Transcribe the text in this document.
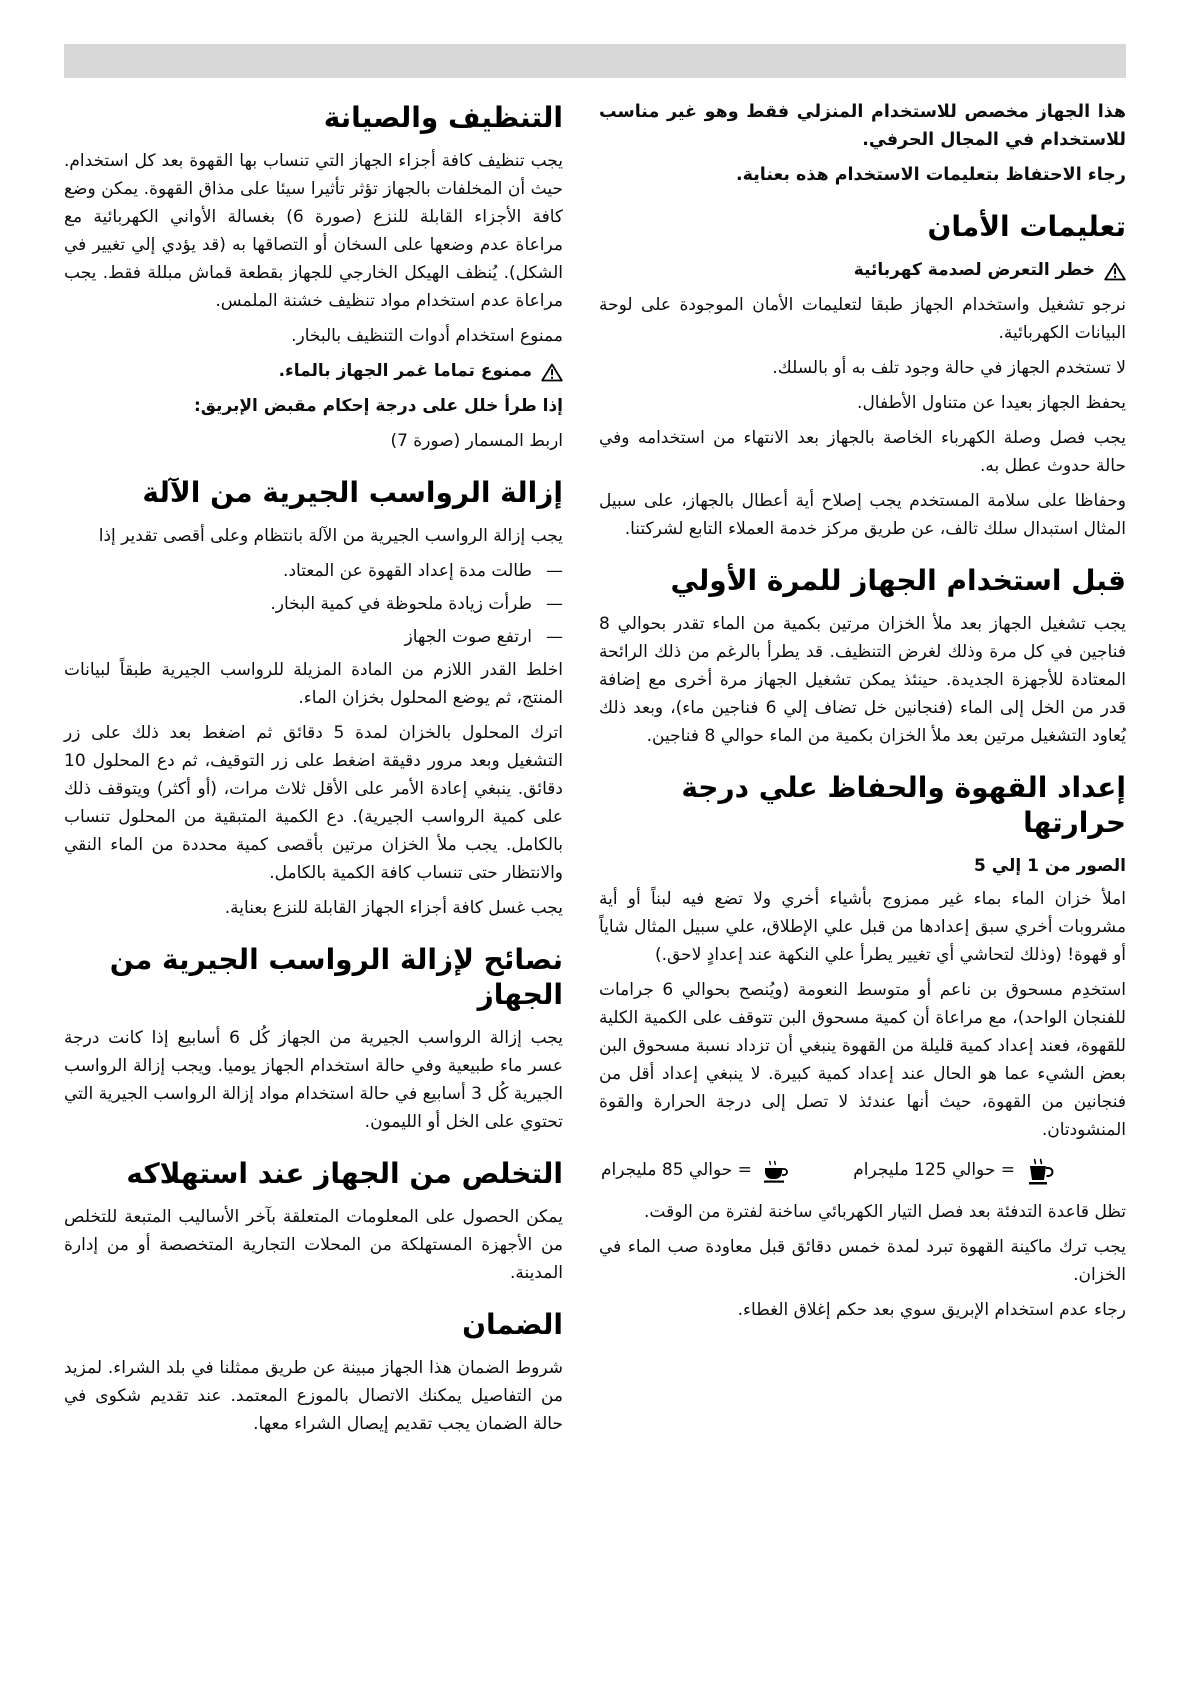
هذا الجهاز مخصص للاستخدام المنزلي فقط وهو غير مناسب للاستخدام في المجال الحرفي.

رجاء الاحتفاظ بتعليمات الاستخدام هذه بعناية.

تعليمات الأمان

خطر التعرض لصدمة كهربائية

نرجو تشغيل واستخدام الجهاز طبقا لتعليمات الأمان الموجودة على لوحة البيانات الكهربائية.

لا تستخدم الجهاز في حالة وجود تلف به أو بالسلك.

يحفظ الجهاز بعيدا عن متناول الأطفال.

يجب فصل وصلة الكهرباء الخاصة بالجهاز بعد الانتهاء من استخدامه وفي حالة حدوث عطل به.

وحفاظا على سلامة المستخدم يجب إصلاح أية أعطال بالجهاز، على سبيل المثال استبدال سلك تالف، عن طريق مركز خدمة العملاء التابع لشركتنا.

قبل استخدام الجهاز للمرة الأولي

يجب تشغيل الجهاز بعد ملأ الخزان مرتين بكمية من الماء تقدر بحوالي 8 فناجين في كل مرة وذلك لغرض التنظيف. قد يطرأ بالرغم من ذلك الرائحة المعتادة للأجهزة الجديدة. حينئذ يمكن تشغيل الجهاز مرة أخرى مع إضافة قدر من الخل إلى الماء (فنجانين خل تضاف إلي 6 فناجين ماء)، وبعد ذلك يُعاود التشغيل مرتين بعد ملأ الخزان بكمية من الماء حوالي 8 فناجين.

إعداد القهوة والحفاظ علي درجة حرارتها

الصور من 1 إلي 5

املأ خزان الماء بماء غير ممزوج بأشياء أخري ولا تضع فيه لبناً أو أية مشروبات أخري سبق إعدادها من قبل علي الإطلاق، علي سبيل المثال شاياً أو قهوة! (وذلك لتحاشي أي تغيير يطرأ علي النكهة عند إعدادٍ لاحق.)

استخدِم مسحوق بن ناعم أو متوسط النعومة (ويُنصح بحوالي 6 جرامات للفنجان الواحد)، مع مراعاة أن كمية مسحوق البن تتوقف على الكمية الكلية للقهوة، فعند إعداد كمية قليلة من القهوة ينبغي أن تزداد نسبة مسحوق البن بعض الشيء عما هو الحال عند إعداد كمية كبيرة. لا ينبغي إعداد أقل من فنجانين من القهوة، حيث أنها عندئذ لا تصل إلى درجة الحرارة والقوة المنشودتان.

= حوالي 125 مليجرام
= حوالي 85 مليجرام

تظل قاعدة التدفئة بعد فصل التيار الكهربائي ساخنة لفترة من الوقت.

يجب ترك ماكينة القهوة تبرد لمدة خمس دقائق قبل معاودة صب الماء في الخزان.

رجاء عدم استخدام الإبريق سوي بعد حكم إغلاق الغطاء.

التنظيف والصيانة

يجب تنظيف كافة أجزاء الجهاز التي تنساب بها القهوة بعد كل استخدام. حيث أن المخلفات بالجهاز تؤثر تأثيرا سيئا على مذاق القهوة. يمكن وضع كافة الأجزاء القابلة للنزع (صورة 6) بغسالة الأواني الكهربائية مع مراعاة عدم وضعها على السخان أو التصاقها به (قد يؤدي إلي تغيير في الشكل). يُنظف الهيكل الخارجي للجهاز بقطعة قماش مبللة فقط. يجب مراعاة عدم استخدام مواد تنظيف خشنة الملمس.

ممنوع استخدام أدوات التنظيف بالبخار.

ممنوع تماما غمر الجهاز بالماء.

إذا طرأ خلل على درجة إحكام مقبض الإبريق:

اربط المسمار (صورة 7)

إزالة الرواسب الجيرية من الآلة

يجب إزالة الرواسب الجيرية من الآلة بانتظام وعلى أقصى تقدير إذا

—
طالت مدة إعداد القهوة عن المعتاد.

—
طرأت زيادة ملحوظة في كمية البخار.

—
ارتفع صوت الجهاز

اخلط القدر اللازم من المادة المزيلة للرواسب الجيرية طبقاً لبيانات المنتج، ثم يوضع المحلول بخزان الماء.

اترك المحلول بالخزان لمدة 5 دقائق ثم اضغط بعد ذلك على زر التشغيل وبعد مرور دقيقة اضغط على زر التوقيف، ثم دع المحلول 10 دقائق. ينبغي إعادة الأمر على الأقل ثلاث مرات، (أو أكثر) ويتوقف ذلك على كمية الرواسب الجيرية). دع الكمية المتبقية من المحلول تنساب بالكامل. يجب ملأ الخزان مرتين بأقصى كمية محددة من الماء النقي والانتظار حتى تنساب كافة الكمية بالكامل.

يجب غسل كافة أجزاء الجهاز القابلة للنزع بعناية.

نصائح لإزالة الرواسب الجيرية من الجهاز

يجب إزالة الرواسب الجيرية من الجهاز كُل 6 أسابيع إذا كانت درجة عسر ماء طبيعية وفي حالة استخدام الجهاز يوميا. ويجب إزالة الرواسب الجيرية كُل 3 أسابيع في حالة استخدام مواد إزالة الرواسب الجيرية التي تحتوي على الخل أو الليمون.

التخلص من الجهاز عند استهلاكه

يمكن الحصول على المعلومات المتعلقة بآخر الأساليب المتبعة للتخلص من الأجهزة المستهلكة من المحلات التجارية المتخصصة أو من إدارة المدينة.

الضمان

شروط الضمان هذا الجهاز مبينة عن طريق ممثلنا في بلد الشراء. لمزيد من التفاصيل يمكنك الاتصال بالموزع المعتمد. عند تقديم شكوى في حالة الضمان يجب تقديم إيصال الشراء معها.
